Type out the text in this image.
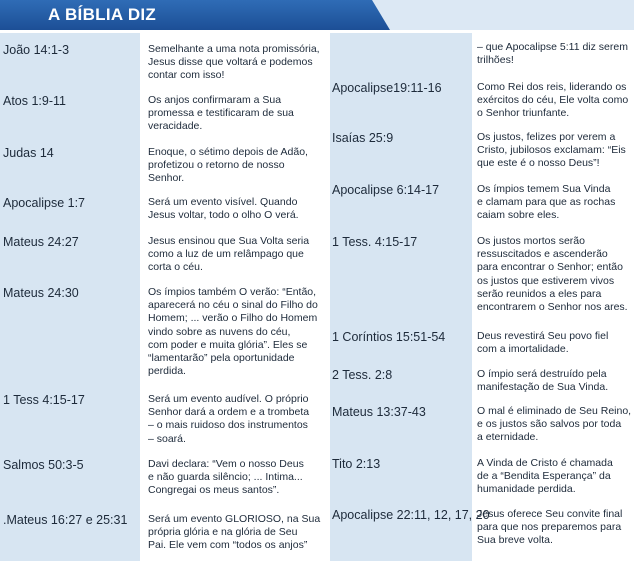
A BÍBLIA DIZ
João 14:1-3	Semelhante a uma nota promissória,
Jesus disse que voltará e podemos
contar com isso!
Atos 1:9-11	Os anjos confirmaram a Sua
promessa e testificaram de sua
veracidade.
Judas 14	Enoque, o sétimo depois de Adão,
profetizou o retorno de nosso
Senhor.
Apocalipse 1:7	Será um evento visível. Quando
Jesus voltar, todo o olho O verá.
Mateus 24:27	Jesus ensinou que Sua Volta seria
como a luz de um relâmpago que
corta o céu.
Mateus 24:30	Os ímpios também O verão: “Então,
aparecerá no céu o sinal do Filho do
Homem; ... verão o Filho do Homem
vindo sobre as nuvens do céu,
com poder e muita glória”. Eles se
“lamentarão” pela oportunidade
perdida.
1 Tess 4:15-17	Será um evento audível. O próprio
Senhor dará a ordem e a trombeta
– o mais ruidoso dos instrumentos
– soará.
Salmos 50:3-5	Davi declara: “Vem o nosso Deus
e não guarda silêncio; ... Intima...
Congregai os meus santos”.
.Mateus 16:27 e 25:31 Será um evento GLORIOSO, na Sua
própria glória e na glória de Seu
Pai. Ele vem com “todos os anjos”
– que Apocalipse 5:11 diz serem
trilhões!
Apocalipse19:11-16	Como Rei dos reis, liderando os
exércitos do céu, Ele volta como
o Senhor triunfante.
Isaías 25:9	Os justos, felizes por verem a
Cristo, jubilosos exclamam: “Eis
que este é o nosso Deus”!
Apocalipse 6:14-17	Os ímpios temem Sua Vinda
e clamam para que as rochas
caiam sobre eles.
1 Tess. 4:15-17	Os justos mortos serão
ressuscitados e ascenderão
para encontrar o Senhor; então
os justos que estiverem vivos
serão reunidos a eles para
encontrarem o Senhor nos ares.
1 Coríntios 15:51-54	Deus revestirá Seu povo fiel
com a imortalidade.
2 Tess. 2:8	O ímpio será destruído pela
manifestação de Sua Vinda.
Mateus 13:37-43	O mal é eliminado de Seu Reino,
e os justos são salvos por toda
a eternidade.
Tito 2:13	A Vinda de Cristo é chamada
de a “Bendita Esperança” da
humanidade perdida.
Apocalipse 22:11, 12, 17, 20
Jesus oferece Seu convite final
para que nos preparemos para
Sua breve volta.
